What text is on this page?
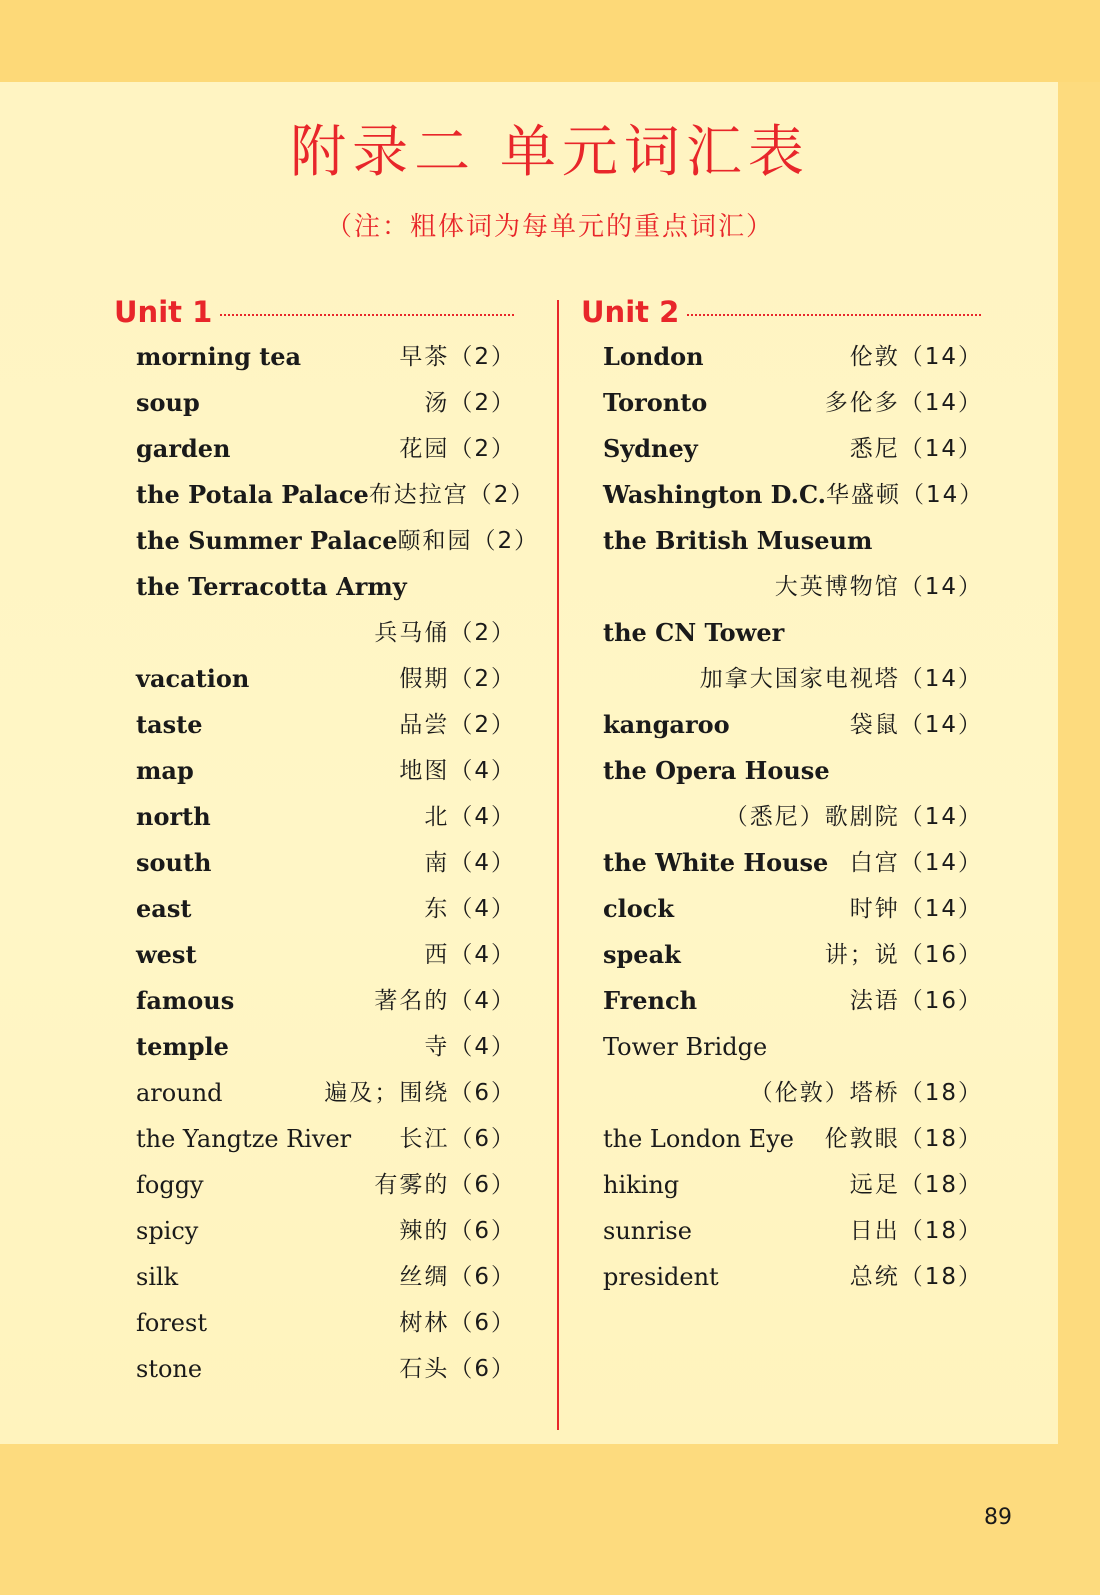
附录二 单元词汇表
（注：粗体词为每单元的重点词汇）
Unit 1
morning tea	早茶（2）
soup	汤（2）
garden	花园（2）
the Potala Palace 布达拉宫（2）
the Summer Palace 颐和园（2）
the Terracotta Army
兵马俑（2）
vacation	假期（2）
taste	品尝（2）
map	地图（4）
north	北（4）
south	南（4）
east	东（4）
west	西（4）
famous	著名的（4）
temple	寺（4）
around	遍及；围绕（6）
the Yangtze River 长江（6）
foggy	有雾的（6）
spicy	辣的（6）
silk	丝绸（6）
forest	树林（6）
stone	石头（6）
Unit 2
London	伦敦（14）
Toronto	多伦多（14）
Sydney	悉尼（14）
Washington D.C. 华盛顿（14）
the British Museum
大英博物馆（14）
the CN Tower
加拿大国家电视塔（14）
kangaroo	袋鼠（14）
the Opera House
（悉尼）歌剧院（14）
the White House 白宫（14）
clock	时钟（14）
speak	讲；说（16）
French	法语（16）
Tower Bridge
（伦敦）塔桥（18）
the London Eye 伦敦眼（18）
hiking	远足（18）
sunrise	日出（18）
president	总统（18）
89
